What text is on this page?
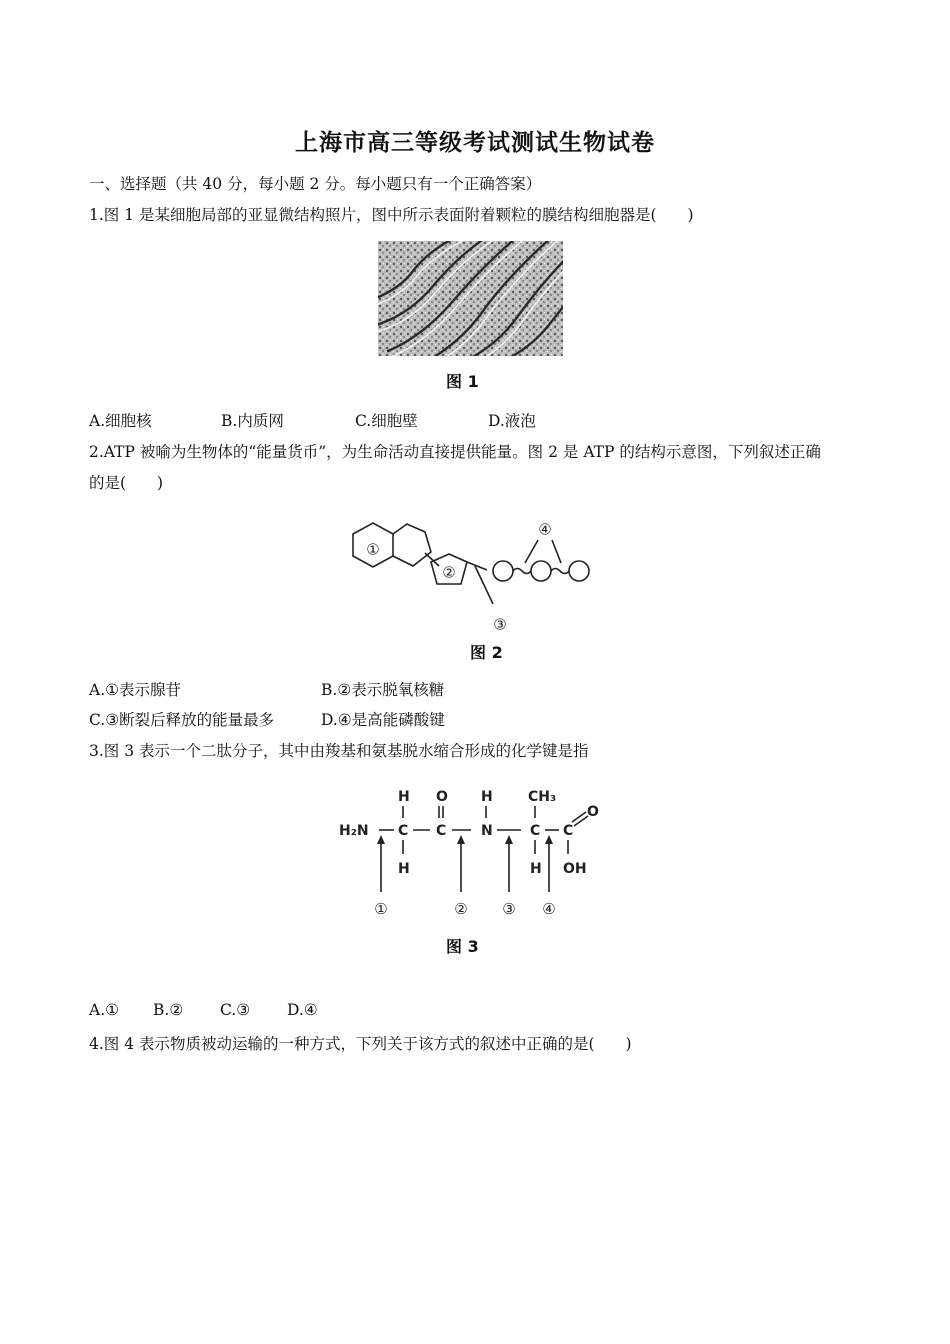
上海市高三等级考试测试生物试卷
一、选择题（共 40 分，每小题 2 分。每小题只有一个正确答案）
1.图 1 是某细胞局部的亚显微结构照片，图中所示表面附着颗粒的膜结构细胞器是(　　)
图 1
A.细胞核	B.内质网	C.细胞壁	D.液泡
2.ATP 被喻为生物体的“能量货币”，为生命活动直接提供能量。图 2 是 ATP 的结构示意图，下列叙述正确
的是(　　)
①
②
③
④
图 2
A.①表示腺苷	B.②表示脱氧核糖
C.③断裂后释放的能量最多	D.④是高能磷酸键
3.图 3 表示一个二肽分子，其中由羧基和氨基脱水缩合形成的化学键是指
H₂N C
H
H
C
O
N
H
C
CH₃
H
C
O
OH
①	② ③ ④
图 3
A.① B.② C.③ D.④
4.图 4 表示物质被动运输的一种方式，下列关于该方式的叙述中正确的是(　　)
